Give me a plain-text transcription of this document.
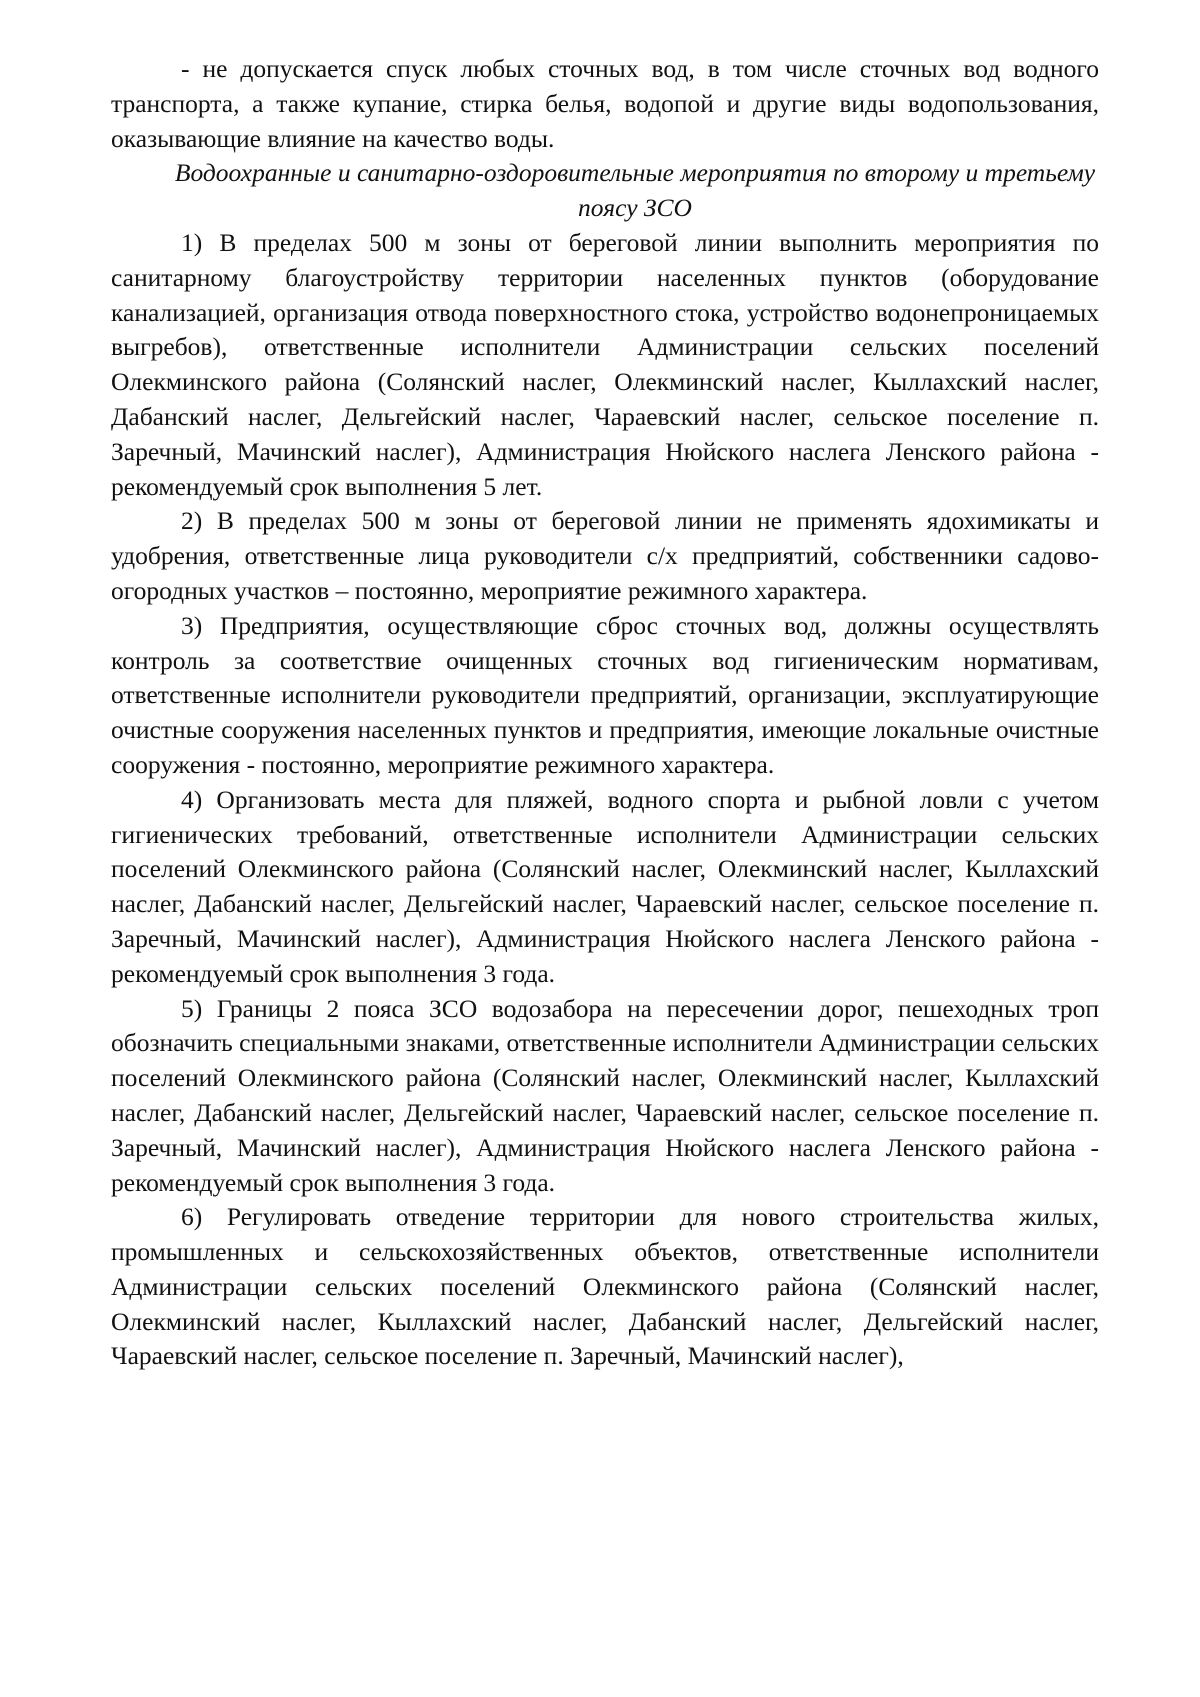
- не допускается спуск любых сточных вод, в том числе сточных вод водного транспорта, а также купание, стирка белья, водопой и другие виды водопользования, оказывающие влияние на качество воды.

Водоохранные и санитарно-оздоровительные мероприятия по второму и третьему поясу ЗСО

1) В пределах 500 м зоны от береговой линии выполнить мероприятия по санитарному благоустройству территории населенных пунктов (оборудование канализацией, организация отвода поверхностного стока, устройство водонепроницаемых выгребов), ответственные исполнители Администрации сельских поселений Олекминского района (Солянский наслег, Олекминский наслег, Кыллахский наслег, Дабанский наслег, Дельгейский наслег, Чараевский наслег, сельское поселение п. Заречный, Мачинский наслег), Администрация Нюйского наслега Ленского района - рекомендуемый срок выполнения 5 лет.

2) В пределах 500 м зоны от береговой линии не применять ядохимикаты и удобрения, ответственные лица руководители с/х предприятий, собственники садово-огородных участков – постоянно, мероприятие режимного характера.

3) Предприятия, осуществляющие сброс сточных вод, должны осуществлять контроль за соответствие очищенных сточных вод гигиеническим нормативам, ответственные исполнители руководители предприятий, организации, эксплуатирующие очистные сооружения населенных пунктов и предприятия, имеющие локальные очистные сооружения - постоянно, мероприятие режимного характера.

4) Организовать места для пляжей, водного спорта и рыбной ловли с учетом гигиенических требований, ответственные исполнители Администрации сельских поселений Олекминского района (Солянский наслег, Олекминский наслег, Кыллахский наслег, Дабанский наслег, Дельгейский наслег, Чараевский наслег, сельское поселение п. Заречный, Мачинский наслег), Администрация Нюйского наслега Ленского района - рекомендуемый срок выполнения 3 года.

5) Границы 2 пояса ЗСО водозабора на пересечении дорог, пешеходных троп обозначить специальными знаками, ответственные исполнители Администрации сельских поселений Олекминского района (Солянский наслег, Олекминский наслег, Кыллахский наслег, Дабанский наслег, Дельгейский наслег, Чараевский наслег, сельское поселение п. Заречный, Мачинский наслег), Администрация Нюйского наслега Ленского района - рекомендуемый срок выполнения 3 года.

6) Регулировать отведение территории для нового строительства жилых, промышленных и сельскохозяйственных объектов, ответственные исполнители Администрации сельских поселений Олекминского района (Солянский наслег, Олекминский наслег, Кыллахский наслег, Дабанский наслег, Дельгейский наслег, Чараевский наслег, сельское поселение п. Заречный, Мачинский наслег),
